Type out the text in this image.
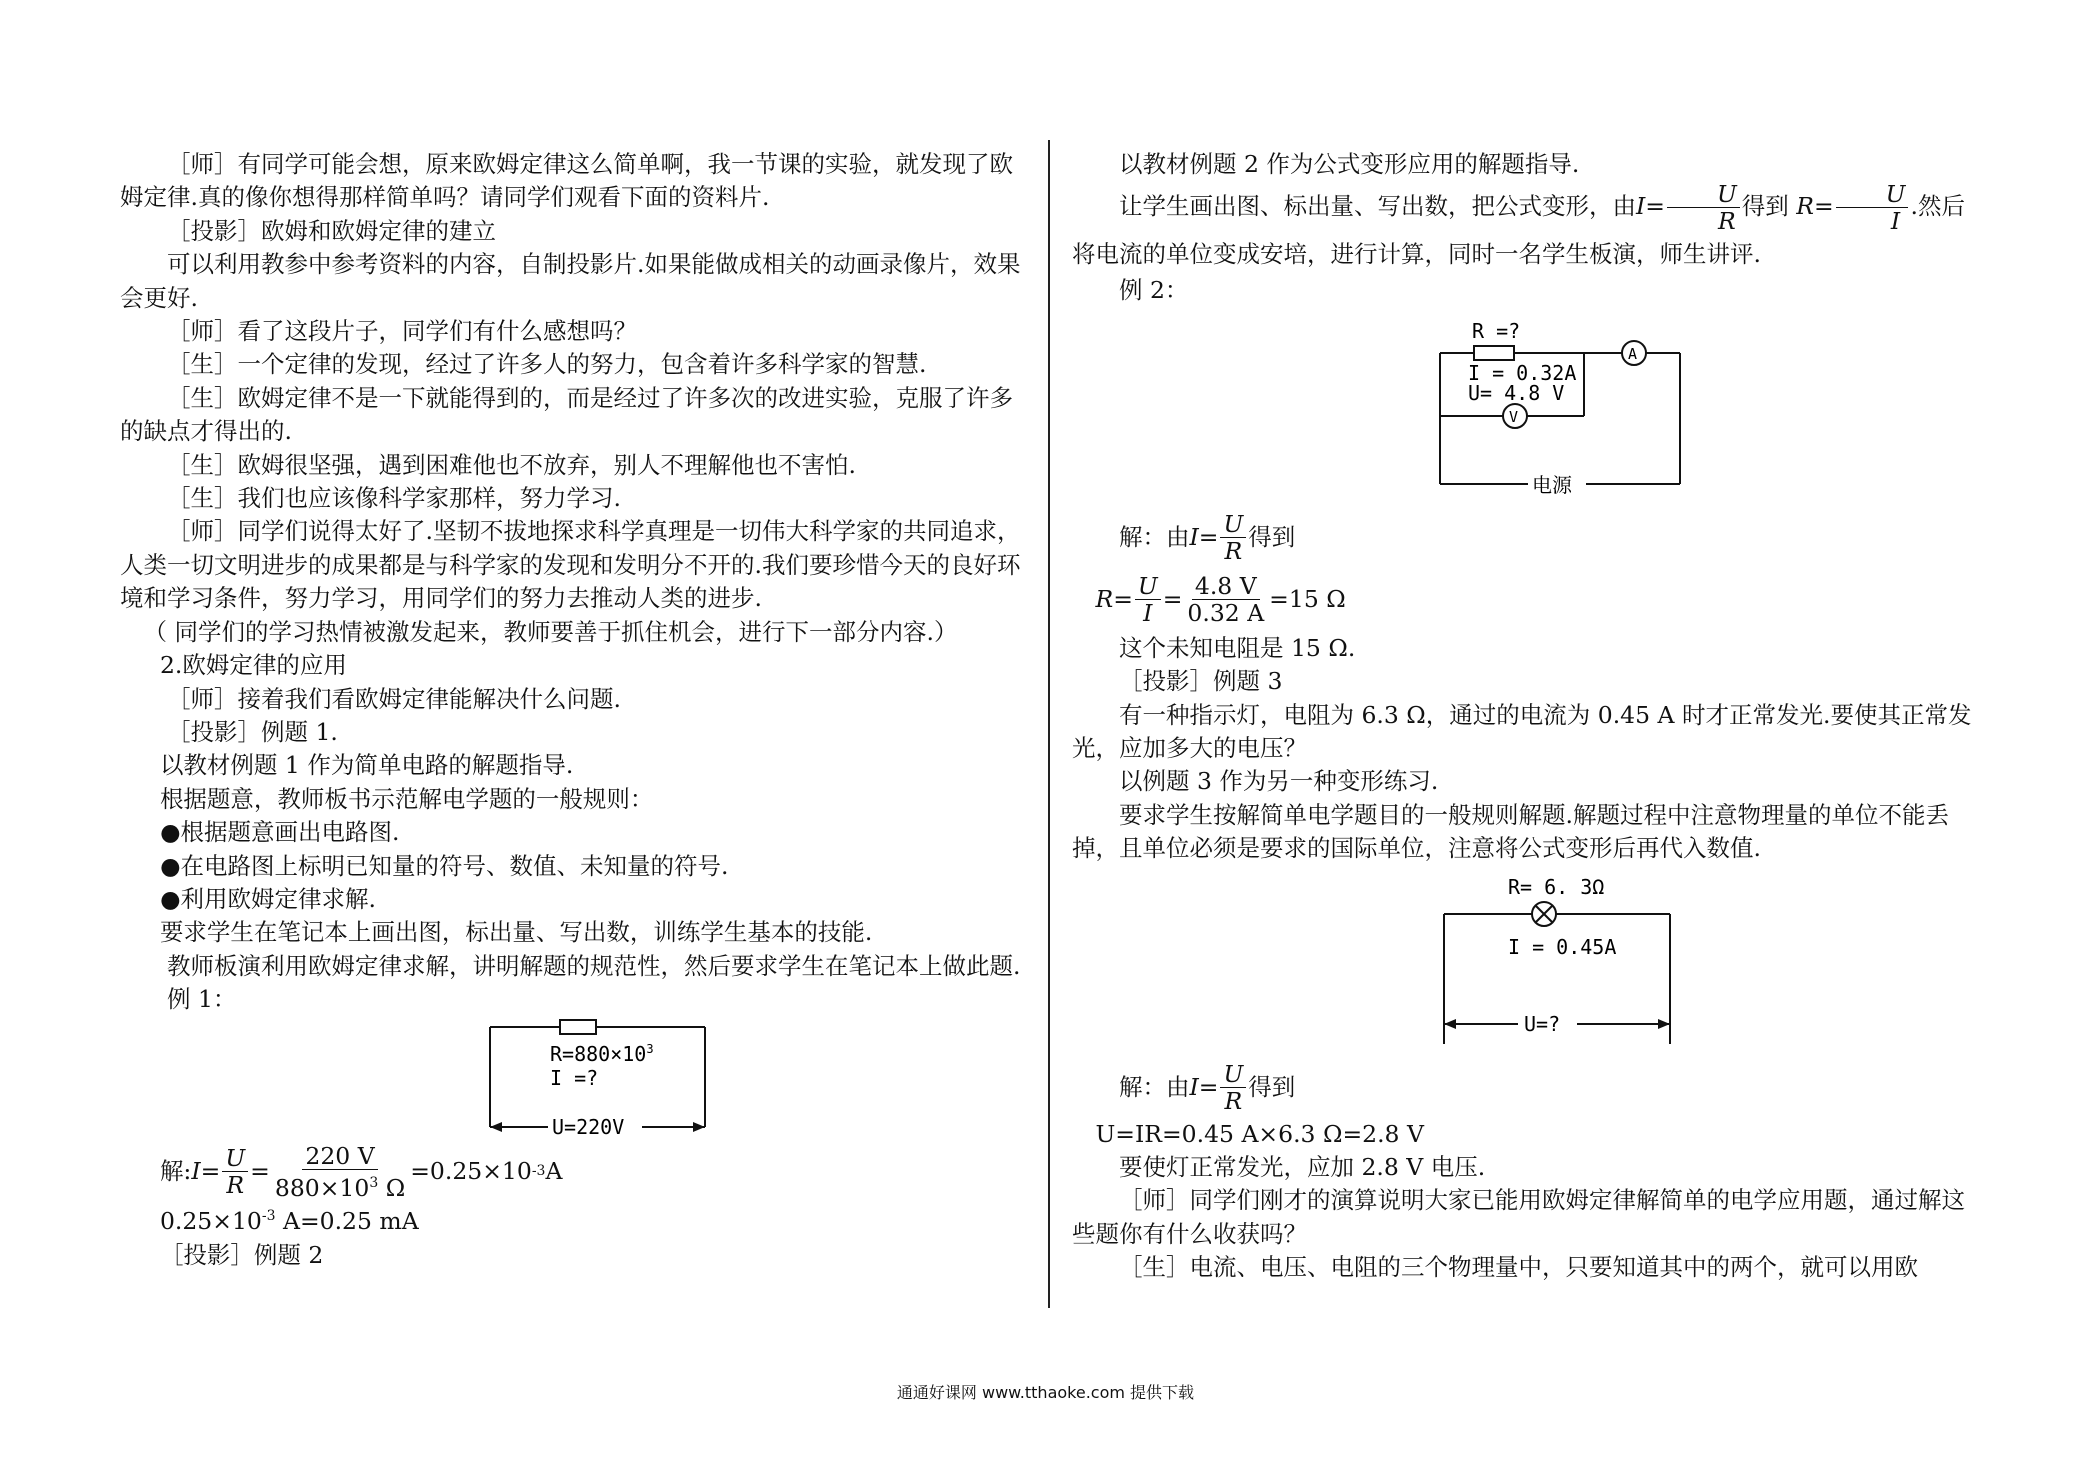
［师］有同学可能会想，原来欧姆定律这么简单啊，我一节课的实验，就发现了欧姆定律.真的像你想得那样简单吗？请同学们观看下面的资料片.

［投影］欧姆和欧姆定律的建立

可以利用教参中参考资料的内容，自制投影片.如果能做成相关的动画录像片，效果会更好.

［师］看了这段片子，同学们有什么感想吗？

［生］一个定律的发现，经过了许多人的努力，包含着许多科学家的智慧.

［生］欧姆定律不是一下就能得到的，而是经过了许多次的改进实验，克服了许多的缺点才得出的.

［生］欧姆很坚强，遇到困难他也不放弃，别人不理解他也不害怕.

［生］我们也应该像科学家那样，努力学习.

［师］同学们说得太好了.坚韧不拔地探求科学真理是一切伟大科学家的共同追求，人类一切文明进步的成果都是与科学家的发现和发明分不开的.我们要珍惜今天的良好环境和学习条件，努力学习，用同学们的努力去推动人类的进步.

（ 同学们的学习热情被激发起来，教师要善于抓住机会，进行下一部分内容.）

2.欧姆定律的应用

［师］接着我们看欧姆定律能解决什么问题.

［投影］例题 1.

以教材例题 1 作为简单电路的解题指导.

根据题意，教师板书示范解电学题的一般规则：

●根据题意画出电路图.

●在电路图上标明已知量的符号、数值、未知量的符号.

●利用欧姆定律求解.

要求学生在笔记本上画出图，标出量、写出数，训练学生基本的技能.

教师板演利用欧姆定律求解，讲明解题的规范性，然后要求学生在笔记本上做此题.

例 1：

$R=880\times 10^3$
I =?
U=220V
解: $I = \frac{U}{R} = \frac{220 V}{880\times 10^3 \Omega} =0.25\times 10$ -3 A

$0.25\times 10^{-3}$ A=0.25 mA

［投影］例题 2

以教材例题 2 作为公式变形应用的解题指导.

让学生画出图、标出量、写出数，把公式变形，由$I= \frac{U}{R}$ 得到 $R= \frac{U}{I}$ .然后将电流的单位变成安培，进行计算，同时一名学生板演，师生讲评.

例 2：

R =?
I = 0.32A
U= 4.8 V
A
V
电源
解：由 $I= \frac{U}{R}$ 得到
$R= \frac{U}{I} = \frac{4.8 V}{0.32 A} =15$ Ω

这个未知电阻是 15 Ω.

［投影］例题 3

有一种指示灯，电阻为 6.3 Ω，通过的电流为 0.45 A 时才正常发光.要使其正常发光，应加多大的电压？

以例题 3 作为另一种变形练习.

要求学生按解简单电学题目的一般规则解题.解题过程中注意物理量的单位不能丢掉，且单位必须是要求的国际单位，注意将公式变形后再代入数值.

R= 6. 3Ω
I = 0.45A
U=?
解：由 $I= \frac{U}{R}$ 得到

U=IR=0.45 A×6.3 Ω=2.8 V

要使灯正常发光，应加 2.8 V 电压.

［师］同学们刚才的演算说明大家已能用欧姆定律解简单的电学应用题，通过解这些题你有什么收获吗？

［生］电流、电压、电阻的三个物理量中，只要知道其中的两个，就可以用欧

通通好课网 www.tthaoke.com 提供下载
